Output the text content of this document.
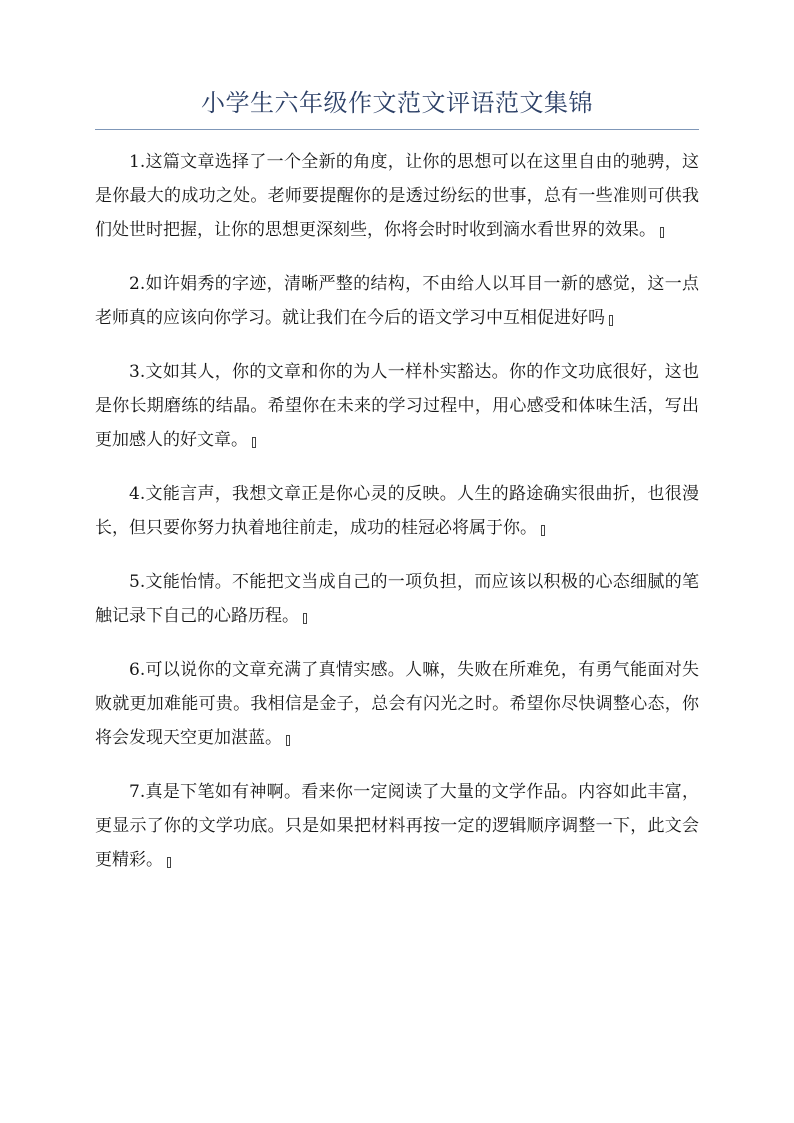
小学生六年级作文范文评语范文集锦

1.这篇文章选择了一个全新的角度，让你的思想可以在这里自由的驰骋，这是你最大的成功之处。老师要提醒你的是透过纷纭的世事，总有一些准则可供我们处世时把握，让你的思想更深刻些，你将会时时收到滴水看世界的效果。

2.如许娟秀的字迹，清晰严整的结构，不由给人以耳目一新的感觉，这一点老师真的应该向你学习。就让我们在今后的语文学习中互相促进好吗

3.文如其人，你的文章和你的为人一样朴实豁达。你的作文功底很好，这也是你长期磨练的结晶。希望你在未来的学习过程中，用心感受和体味生活，写出更加感人的好文章。

4.文能言声，我想文章正是你心灵的反映。人生的路途确实很曲折，也很漫长，但只要你努力执着地往前走，成功的桂冠必将属于你。

5.文能怡情。不能把文当成自己的一项负担，而应该以积极的心态细腻的笔触记录下自己的心路历程。

6.可以说你的文章充满了真情实感。人嘛，失败在所难免，有勇气能面对失败就更加难能可贵。我相信是金子，总会有闪光之时。希望你尽快调整心态，你将会发现天空更加湛蓝。

7.真是下笔如有神啊。看来你一定阅读了大量的文学作品。内容如此丰富，更显示了你的文学功底。只是如果把材料再按一定的逻辑顺序调整一下，此文会更精彩。
